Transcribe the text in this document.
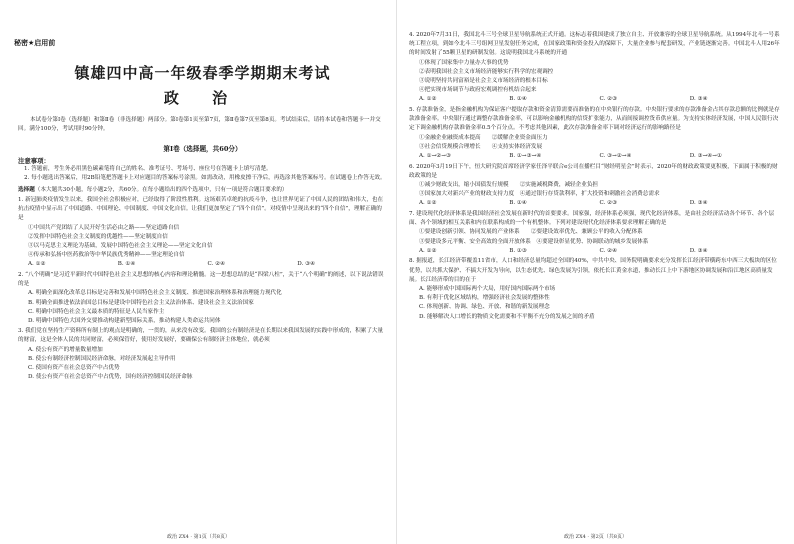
秘密★启用前
镇雄四中高一年级春季学期期末考试
政 治
本试卷分第Ⅰ卷（选择题）和第Ⅱ卷（非选择题）两部分。第Ⅰ卷第1页至第7页，第Ⅱ卷第7页至第8页。考试结束后，请将本试卷和答题卡一并交回。满分100分，考试用时90分钟。
第Ⅰ卷（选择题，共60分）
注意事项：
1. 答题前，考生务必用黑色碳素笔将自己的姓名、准考证号、考场号、座位号在答题卡上填写清楚。
2. 每小题选出答案后，用2B铅笔把答题卡上对应题目的答案标号涂黑。如需改动，用橡皮擦干净后，再选涂其他答案标号。在试题卷上作答无效。
选择题（本大题共30小题，每小题2分，共60分。在每小题给出的四个选项中，只有一项是符合题目要求的）
1. 新冠肺炎疫情发生以来，我国全社会积极应对，已经取得了阶段性胜利。这场艰苦卓绝的抗疫斗争，也让世界见证了中国人民的团结和伟大，也在抗击疫情中显示出了中国道路、中国理论、中国制度、中国文化自信。让我们更加坚定了“四个自信”。对疫情中呈现出来的“四个自信”，理解正确的是
①中国共产党团结了人民开好生活必由之路——坚定道路自信
②发挥中国特色社会主义制度的优越性——坚定制度自信
③以马克思主义理论为基础，发展中国特色社会主义理论——坚定文化自信
④传承和弘扬中医药救治等中华民族优秀精神——坚定理论自信
A. ①②	B. ①④	C. ②④	D. ③④
2. “八个明确”是习近平新时代中国特色社会主义思想的核心内容和理论精髓。这一思想总结的是“四梁八柱”，关于“八个明确”的阐述，以下说法错误的是
A. 明确全面深化改革总目标是完善和发展中国特色社会主义制度、推进国家治理体系和治理能力现代化
B. 明确全面推进依法治国总目标是建设中国特色社会主义法治体系、建设社会主义法治国家
C. 明确中国特色社会主义最本质的特征是人民当家作主
D. 明确中国特色大国外交要推动构建新型国际关系，推动构建人类命运共同体
3. 我们党在坚持生产资料所有制上的观点是明确的，一贯的，从来没有改变。我国的公有制经济是在长期以来我国发展的实践中形成的，积累了大量的财富，这是全体人民的共同财富，必须保管好，使用好发展好，要确保公有制经济主体地位，就必须
A. 使公有资产的增量数量增加
B. 使公有制经济控制国民经济命脉，对经济发展起主导作用
C. 使国有资产在社会总资产中占优势
D. 使公有资产在社会总资产中占优势，国有经济控制国民经济命脉
政治 ZX4 · 第1页（共8页）
4. 2020年7月31日，我国北斗三号全球卫星导航系统正式开通。这标志着我国建成了独立自主、开放兼容的全球卫星导航系统。从1994年北斗一号系统工程立项，到如今北斗三号组网卫星发射任务完成，在国家政策和资金投入的保障下，大量企业参与配套研发，产业链逐渐完善。中国北斗人用26年的时间发射了55颗卫星的研制发射。这说明我国北斗系统的开通
①体现了国家集中力量办大事的优势
②表明我国社会主义市场经济能够实行科学的宏观调控
③说明坚持共同富裕是社会主义市场经济的根本目标
④把实现市场调节与政府宏观调控有机结合起来
A. ①②	B. ①④	C. ②③	D. ③④
5. 存款准备金，是指金融机构为保证客户提取存款和资金清算需要而准备的在中央银行的存款。中央银行要求的存款准备金占其存款总额的比例就是存款准备金率。中央银行通过调整存款准备金率，可以影响金融机构的信贷扩张能力，从而间接调控货币供应量。为支持实体经济发展，中国人民银行决定下调金融机构存款准备金率0.5个百分点。不考虑其他因素，此次存款准备金率下调对经济运行的影响路径是
①金融企业融资成本提高　　②缓解企业资金面压力
③社会信贷规模合理增长　　④支持实体经济发展
A. ①→②→③	B. ①→③→④	C. ③→②→④	D. ③→④→①
6. 2020年3月19日下午，恒大研究院首席经济学家任泽平联合e公司在播栏目“财经明星会”时表示，2020年的财政政策要更积极，下面属于积极的财政政策的是
①减少财政支出，缩小国债发行规模　　②实施减税降费，减轻企业负担
③国家加大对新兴产业的财政支持力度　④通过银行存贷款利率，扩大投资和刺激社会消费总需求
A. ①②	B. ①④	C. ②③	D. ③④
7. 建设现代化经济体系是我国经济社会发展在新时代的首要要求。国家强，经济体系必须强，现代化经济体系，是由社会经济活动各个环节、各个层面、各个领域的相互关系和内在联系构成的一个有机整体。下列对建设现代化经济体系要求理解正确的是
①要建设创新引领、协同发展的产业体系　　②要建设效率优先、兼顾公平的收入分配体系
③要建设多元平衡、安全高效的全面开放体系　④要建设彰显优势、协调联动的城乡发展体系
A. ①②	B. ①③	C. ②④	D. ③④
8. 据报道，长江经济带覆盖11省市，人口和经济总量均超过全国的40%，中共中央、国务院明确要求充分发挥长江经济带横跨东中西三大板块的区位优势，以共抓大保护、不搞大开发为导向，以生态优先、绿色发展为引领，依托长江黄金水道，推动长江上中下游地区协调发展和沿江地区高质量发展。长江经济带的目的在于
A. 能够形成中国国际两个大局，用好国内国际两个市场
B. 有利于优化区域结构，增强经济社会发展的整体性
C. 体现创新、协调、绿色、开放、和谐的新发展理念
D. 能够解决人口增长的物质文化需要和不平衡不充分的发展之间的矛盾
政治 ZX4 · 第2页（共8页）
